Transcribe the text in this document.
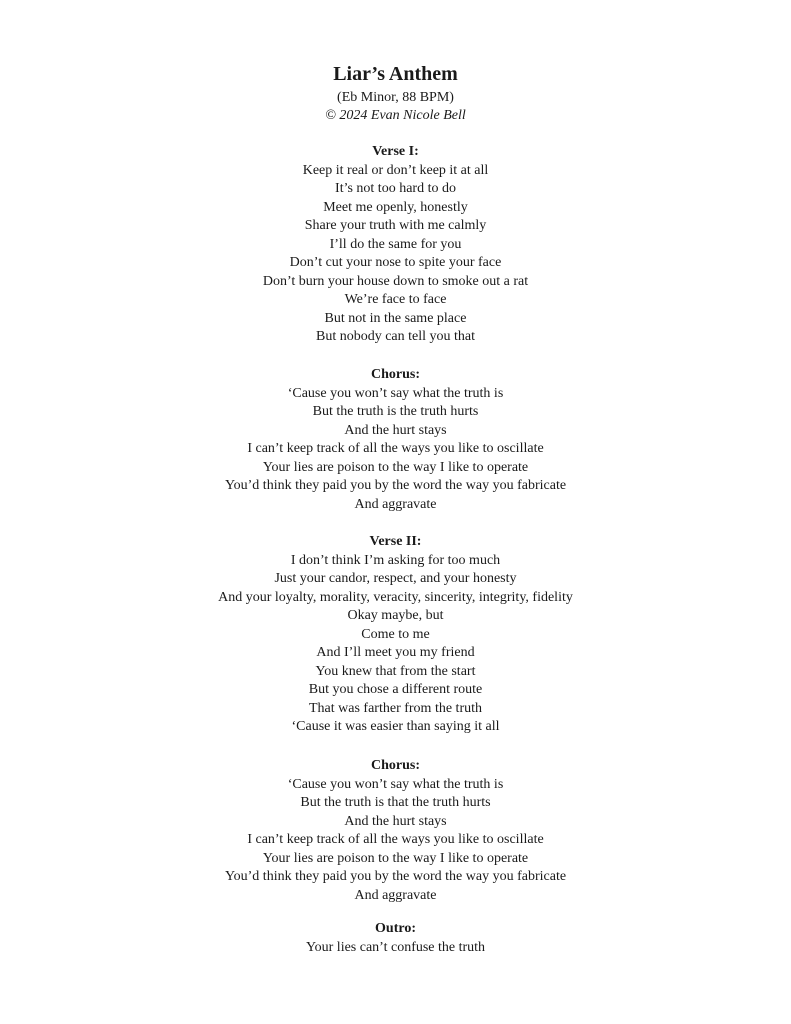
Liar’s Anthem
(Eb Minor, 88 BPM)
© 2024 Evan Nicole Bell
Verse I:
Keep it real or don’t keep it at all
It’s not too hard to do
Meet me openly, honestly
Share your truth with me calmly
I’ll do the same for you
Don’t cut your nose to spite your face
Don’t burn your house down to smoke out a rat
We’re face to face
But not in the same place
But nobody can tell you that
Chorus:
‘Cause you won’t say what the truth is
But the truth is the truth hurts
And the hurt stays
I can’t keep track of all the ways you like to oscillate
Your lies are poison to the way I like to operate
You’d think they paid you by the word the way you fabricate
And aggravate
Verse II:
I don’t think I’m asking for too much
Just your candor, respect, and your honesty
And your loyalty, morality, veracity, sincerity, integrity, fidelity
Okay maybe, but
Come to me
And I’ll meet you my friend
You knew that from the start
But you chose a different route
That was farther from the truth
‘Cause it was easier than saying it all
Chorus:
‘Cause you won’t say what the truth is
But the truth is that the truth hurts
And the hurt stays
I can’t keep track of all the ways you like to oscillate
Your lies are poison to the way I like to operate
You’d think they paid you by the word the way you fabricate
And aggravate
Outro:
Your lies can’t confuse the truth
